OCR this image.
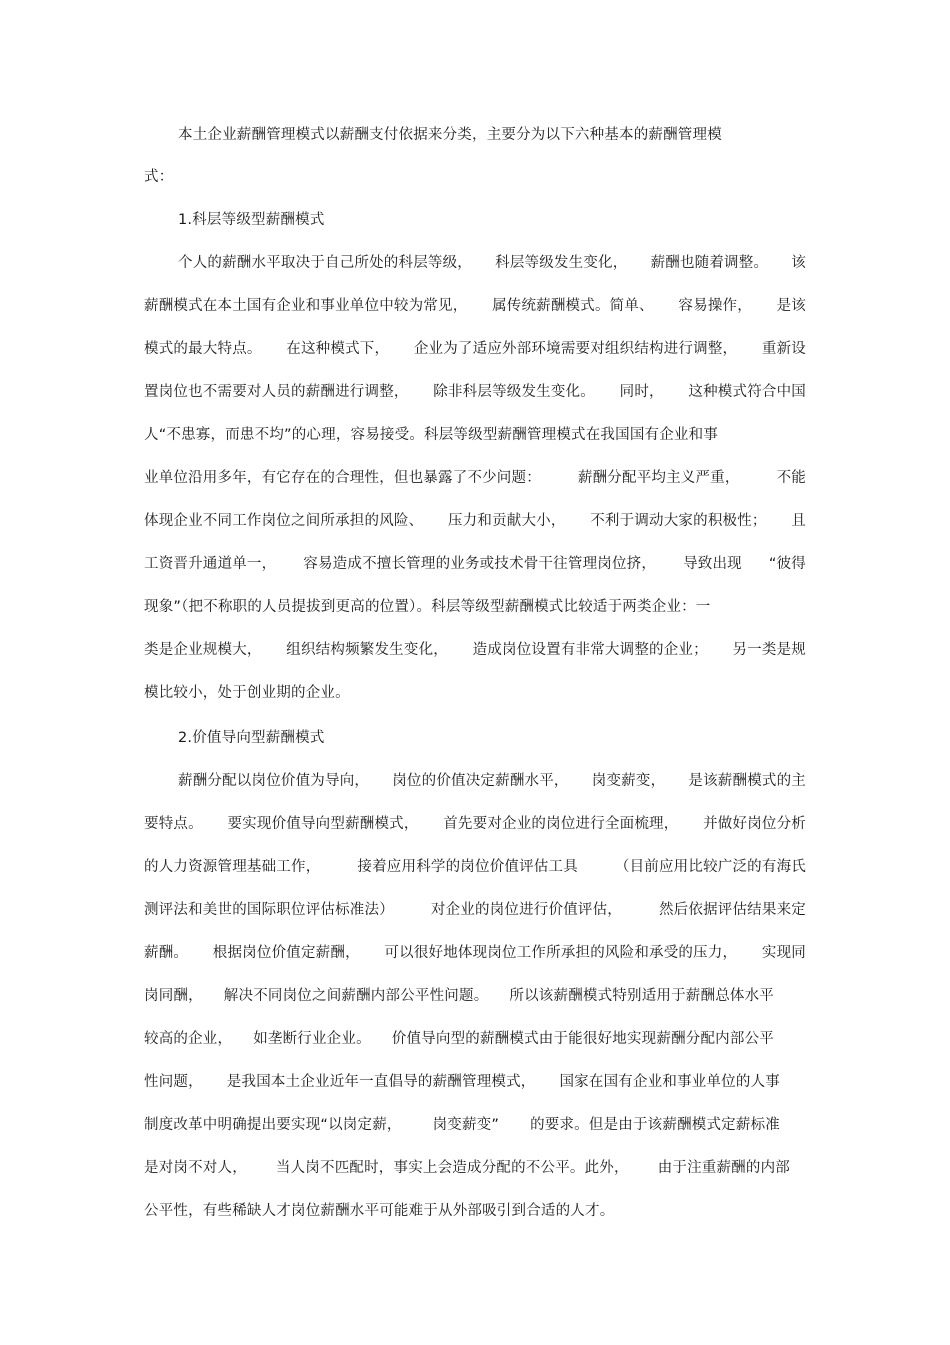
本土企业薪酬管理模式以薪酬支付依据来分类，主要分为以下六种基本的薪酬管理模
式：
1.科层等级型薪酬模式
个人的薪酬水平取决于自己所处的科层等级， 科层等级发生变化， 薪酬也随着调整。 该
薪酬模式在本土国有企业和事业单位中较为常见， 属传统薪酬模式。简单、 容易操作， 是该
模式的最大特点。 在这种模式下， 企业为了适应外部环境需要对组织结构进行调整， 重新设
置岗位也不需要对人员的薪酬进行调整， 除非科层等级发生变化。 同时， 这种模式符合中国
人“不患寡，而患不均”的心理，容易接受。科层等级型薪酬管理模式在我国国有企业和事
业单位沿用多年，有它存在的合理性，但也暴露了不少问题：	薪酬分配平均主义严重，	不能
体现企业不同工作岗位之间所承担的风险、 压力和贡献大小， 不利于调动大家的积极性； 且
工资晋升通道单一， 容易造成不擅长管理的业务或技术骨干往管理岗位挤， 导致出现 “彼得
现象”（把不称职的人员提拔到更高的位置）。科层等级型薪酬模式比较适于两类企业：一
类是企业规模大， 组织结构频繁发生变化， 造成岗位设置有非常大调整的企业； 另一类是规
模比较小，处于创业期的企业。
2.价值导向型薪酬模式
薪酬分配以岗位价值为导向， 岗位的价值决定薪酬水平， 岗变薪变， 是该薪酬模式的主
要特点。 要实现价值导向型薪酬模式， 首先要对企业的岗位进行全面梳理， 并做好岗位分析
的人力资源管理基础工作，	接着应用科学的岗位价值评估工具	（目前应用比较广泛的有海氏
测评法和美世的国际职位评估标准法）	对企业的岗位进行价值评估，	然后依据评估结果来定
薪酬。 根据岗位价值定薪酬， 可以很好地体现岗位工作所承担的风险和承受的压力， 实现同
岗同酬， 解决不同岗位之间薪酬内部公平性问题。 所以该薪酬模式特别适用于薪酬总体水平
较高的企业， 如垄断行业企业。 价值导向型的薪酬模式由于能很好地实现薪酬分配内部公平
性问题， 是我国本土企业近年一直倡导的薪酬管理模式， 国家在国有企业和事业单位的人事
制度改革中明确提出要实现“以岗定薪， 岗变薪变” 的要求。但是由于该薪酬模式定薪标准
是对岗不对人， 当人岗不匹配时，事实上会造成分配的不公平。此外， 由于注重薪酬的内部
公平性，有些稀缺人才岗位薪酬水平可能难于从外部吸引到合适的人才。
